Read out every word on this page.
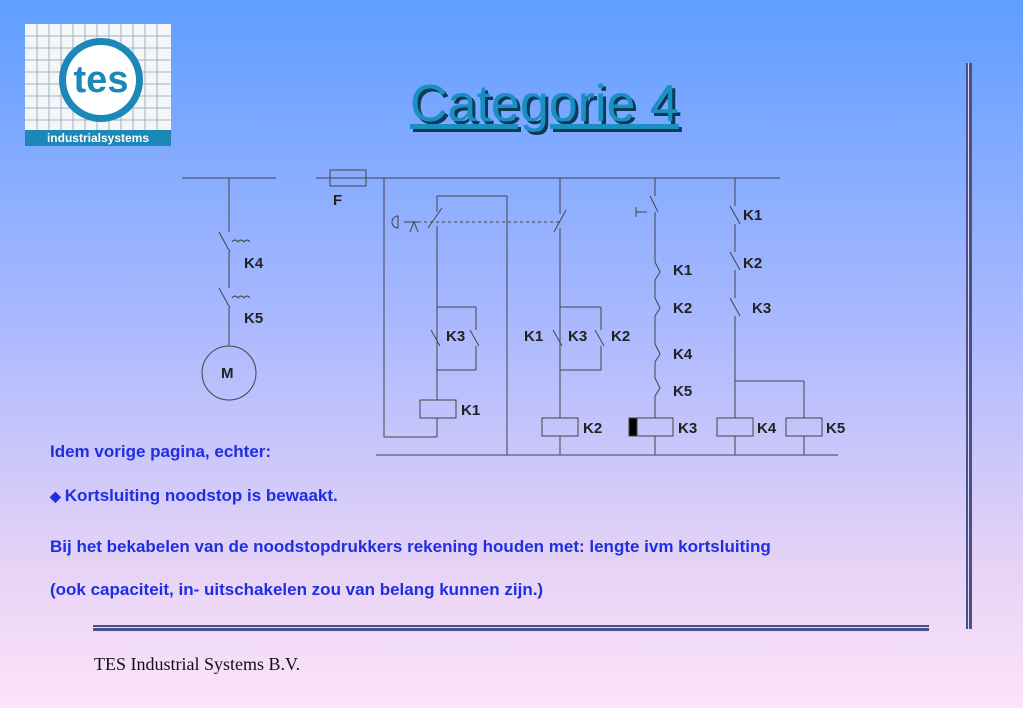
tes
industrialsystems
Categorie 4
M
F
K4
K5
K3
K1
K1 K3 K2
K2
K1
K2
K4
K5
K3
K1
K2
K3
K4	K5
Idem vorige pagina, echter:
◆ Kortsluiting noodstop is bewaakt.
Bij het bekabelen van de noodstopdrukkers rekening houden met: lengte ivm kortsluiting
(ook capaciteit, in- uitschakelen zou van belang kunnen zijn.)
TES Industrial Systems B.V.
